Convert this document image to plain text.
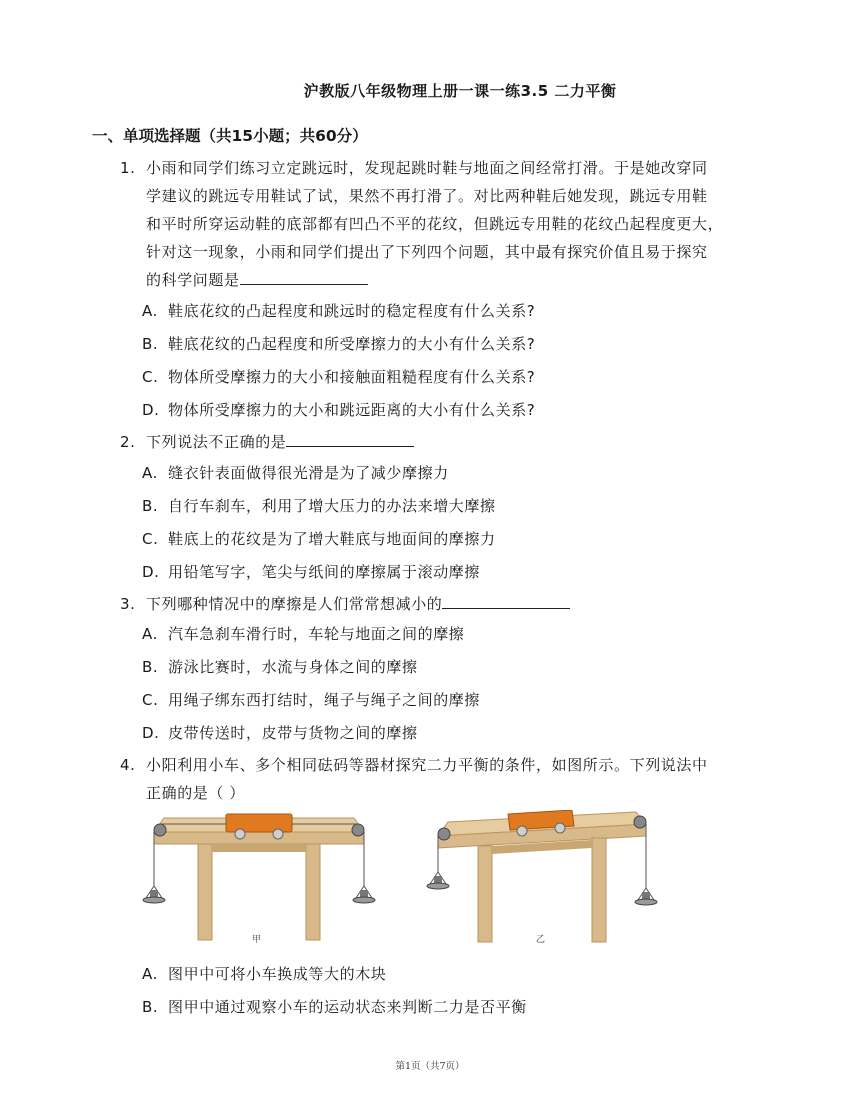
沪教版八年级物理上册一课一练3.5 二力平衡
一、单项选择题（共15小题；共60分）
1. 小雨和同学们练习立定跳远时，发现起跳时鞋与地面之间经常打滑。于是她改穿同
学建议的跳远专用鞋试了试，果然不再打滑了。对比两种鞋后她发现，跳远专用鞋
和平时所穿运动鞋的底部都有凹凸不平的花纹，但跳远专用鞋的花纹凸起程度更大，
针对这一现象，小雨和同学们提出了下列四个问题，其中最有探究价值且易于探究
的科学问题是
A. 鞋底花纹的凸起程度和跳远时的稳定程度有什么关系?
B. 鞋底花纹的凸起程度和所受摩擦力的大小有什么关系?
C. 物体所受摩擦力的大小和接触面粗糙程度有什么关系?
D. 物体所受摩擦力的大小和跳远距离的大小有什么关系?
2. 下列说法不正确的是
A. 缝衣针表面做得很光滑是为了减少摩擦力
B. 自行车刹车，利用了增大压力的办法来增大摩擦
C. 鞋底上的花纹是为了增大鞋底与地面间的摩擦力
D. 用铅笔写字，笔尖与纸间的摩擦属于滚动摩擦
3. 下列哪种情况中的摩擦是人们常常想减小的
A. 汽车急刹车滑行时，车轮与地面之间的摩擦
B. 游泳比赛时，水流与身体之间的摩擦
C. 用绳子绑东西打结时，绳子与绳子之间的摩擦
D. 皮带传送时，皮带与货物之间的摩擦
4. 小阳利用小车、多个相同砝码等器材探究二力平衡的条件，如图所示。下列说法中
正确的是（ ）
甲	乙
A. 图甲中可将小车换成等大的木块
B. 图甲中通过观察小车的运动状态来判断二力是否平衡
第1页（共7页）
